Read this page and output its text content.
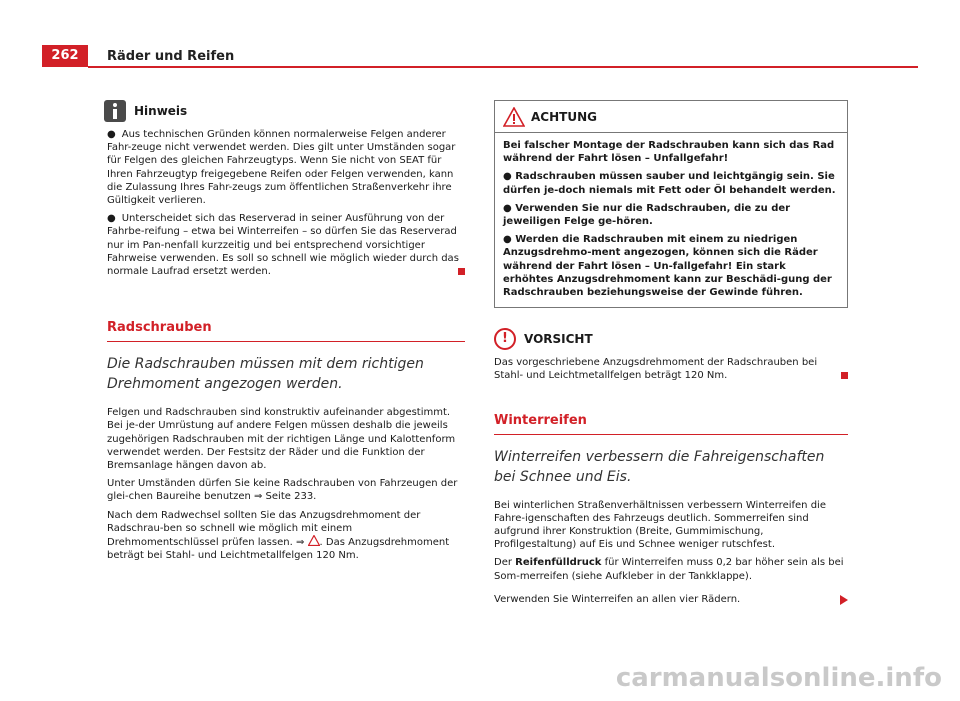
262	Räder und Reifen
Hinweis

● Aus technischen Gründen können normalerweise Felgen anderer Fahr-zeuge nicht verwendet werden. Dies gilt unter Umständen sogar für Felgen des gleichen Fahrzeugtyps. Wenn Sie nicht von SEAT für Ihren Fahrzeugtyp freigegebene Reifen oder Felgen verwenden, kann die Zulassung Ihres Fahr-zeugs zum öffentlichen Straßenverkehr ihre Gültigkeit verlieren.

● Unterscheidet sich das Reserverad in seiner Ausführung von der Fahrbe-reifung – etwa bei Winterreifen – so dürfen Sie das Reserverad nur im Pan-nenfall kurzzeitig und bei entsprechend vorsichtiger Fahrweise verwenden. Es soll so schnell wie möglich wieder durch das normale Laufrad ersetzt werden.

Radschrauben
Die Radschrauben müssen mit dem richtigen Drehmoment angezogen werden.

Felgen und Radschrauben sind konstruktiv aufeinander abgestimmt. Bei je-der Umrüstung auf andere Felgen müssen deshalb die jeweils zugehörigen Radschrauben mit der richtigen Länge und Kalottenform verwendet werden. Der Festsitz der Räder und die Funktion der Bremsanlage hängen davon ab.

Unter Umständen dürfen Sie keine Radschrauben von Fahrzeugen der glei-chen Baureihe benutzen ⇒ Seite 233.

Nach dem Radwechsel sollten Sie das Anzugsdrehmoment der Radschrau-ben so schnell wie möglich mit einem Drehmomentschlüssel prüfen lassen. ⇒ . Das Anzugsdrehmoment beträgt bei Stahl- und Leichtmetallfelgen 120 Nm.

ACHTUNG

Bei falscher Montage der Radschrauben kann sich das Rad während der Fahrt lösen – Unfallgefahr!

● Radschrauben müssen sauber und leichtgängig sein. Sie dürfen je-doch niemals mit Fett oder Öl behandelt werden.

● Verwenden Sie nur die Radschrauben, die zu der jeweiligen Felge ge-hören.

● Werden die Radschrauben mit einem zu niedrigen Anzugsdrehmo-ment angezogen, können sich die Räder während der Fahrt lösen – Un-fallgefahr! Ein stark erhöhtes Anzugsdrehmoment kann zur Beschädi-gung der Radschrauben beziehungsweise der Gewinde führen.

!	VORSICHT

Das vorgeschriebene Anzugsdrehmoment der Radschrauben bei Stahl- und Leichtmetallfelgen beträgt 120 Nm.

Winterreifen
Winterreifen verbessern die Fahreigenschaften bei Schnee und Eis.

Bei winterlichen Straßenverhältnissen verbessern Winterreifen die Fahre-igenschaften des Fahrzeugs deutlich. Sommerreifen sind aufgrund ihrer Konstruktion (Breite, Gummimischung, Profilgestaltung) auf Eis und Schnee weniger rutschfest.

Der Reifenfülldruck für Winterreifen muss 0,2 bar höher sein als bei Som-merreifen (siehe Aufkleber in der Tankklappe).

Verwenden Sie Winterreifen an allen vier Rädern.

carmanualsonline.info
